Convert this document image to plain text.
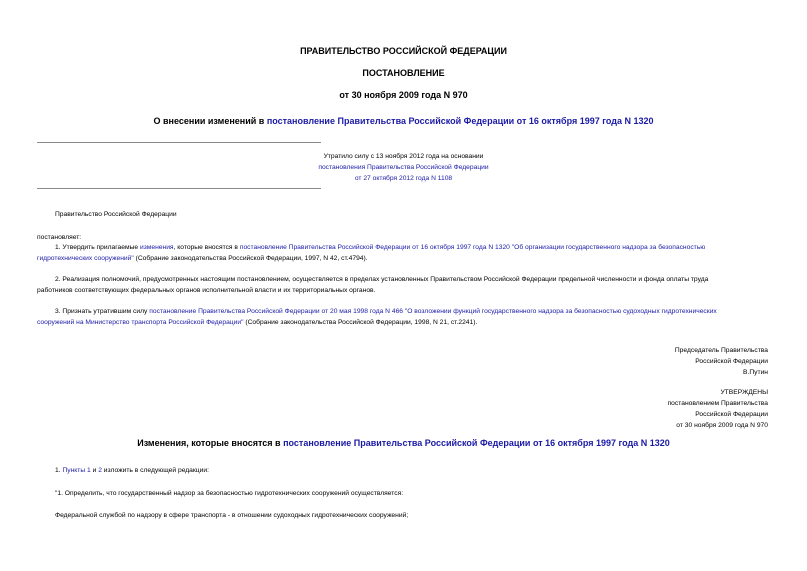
ПРАВИТЕЛЬСТВО РОССИЙСКОЙ ФЕДЕРАЦИИ
ПОСТАНОВЛЕНИЕ
от 30 ноября 2009 года N 970
О внесении изменений в постановление Правительства Российской Федерации от 16 октября 1997 года N 1320
Утратило силу с 13 ноября 2012 года на основании
постановления Правительства Российской Федерации
от 27 октября 2012 года N 1108
Правительство Российской Федерации
постановляет:
1. Утвердить прилагаемые изменения, которые вносятся в постановление Правительства Российской Федерации от 16 октября 1997 года N 1320 "Об организации государственного надзора за безопасностью
гидротехнических сооружений" (Собрание законодательства Российской Федерации, 1997, N 42, ст.4794).
2. Реализация полномочий, предусмотренных настоящим постановлением, осуществляется в пределах установленных Правительством Российской Федерации предельной численности и фонда оплаты труда
работников соответствующих федеральных органов исполнительной власти и их территориальных органов.
3. Признать утратившим силу постановление Правительства Российской Федерации от 20 мая 1998 года N 466 "О возложении функций государственного надзора за безопасностью судоходных гидротехнических
сооружений на Министерство транспорта Российской Федерации" (Собрание законодательства Российской Федерации, 1998, N 21, ст.2241).
Председатель Правительства
Российской Федерации
В.Путин
УТВЕРЖДЕНЫ
постановлением Правительства
Российской Федерации
от 30 ноября 2009 года N 970
Изменения, которые вносятся в постановление Правительства Российской Федерации от 16 октября 1997 года N 1320
1. Пункты 1 и 2 изложить в следующей редакции:
"1. Определить, что государственный надзор за безопасностью гидротехнических сооружений осуществляется:
Федеральной службой по надзору в сфере транспорта - в отношении судоходных гидротехнических сооружений;
